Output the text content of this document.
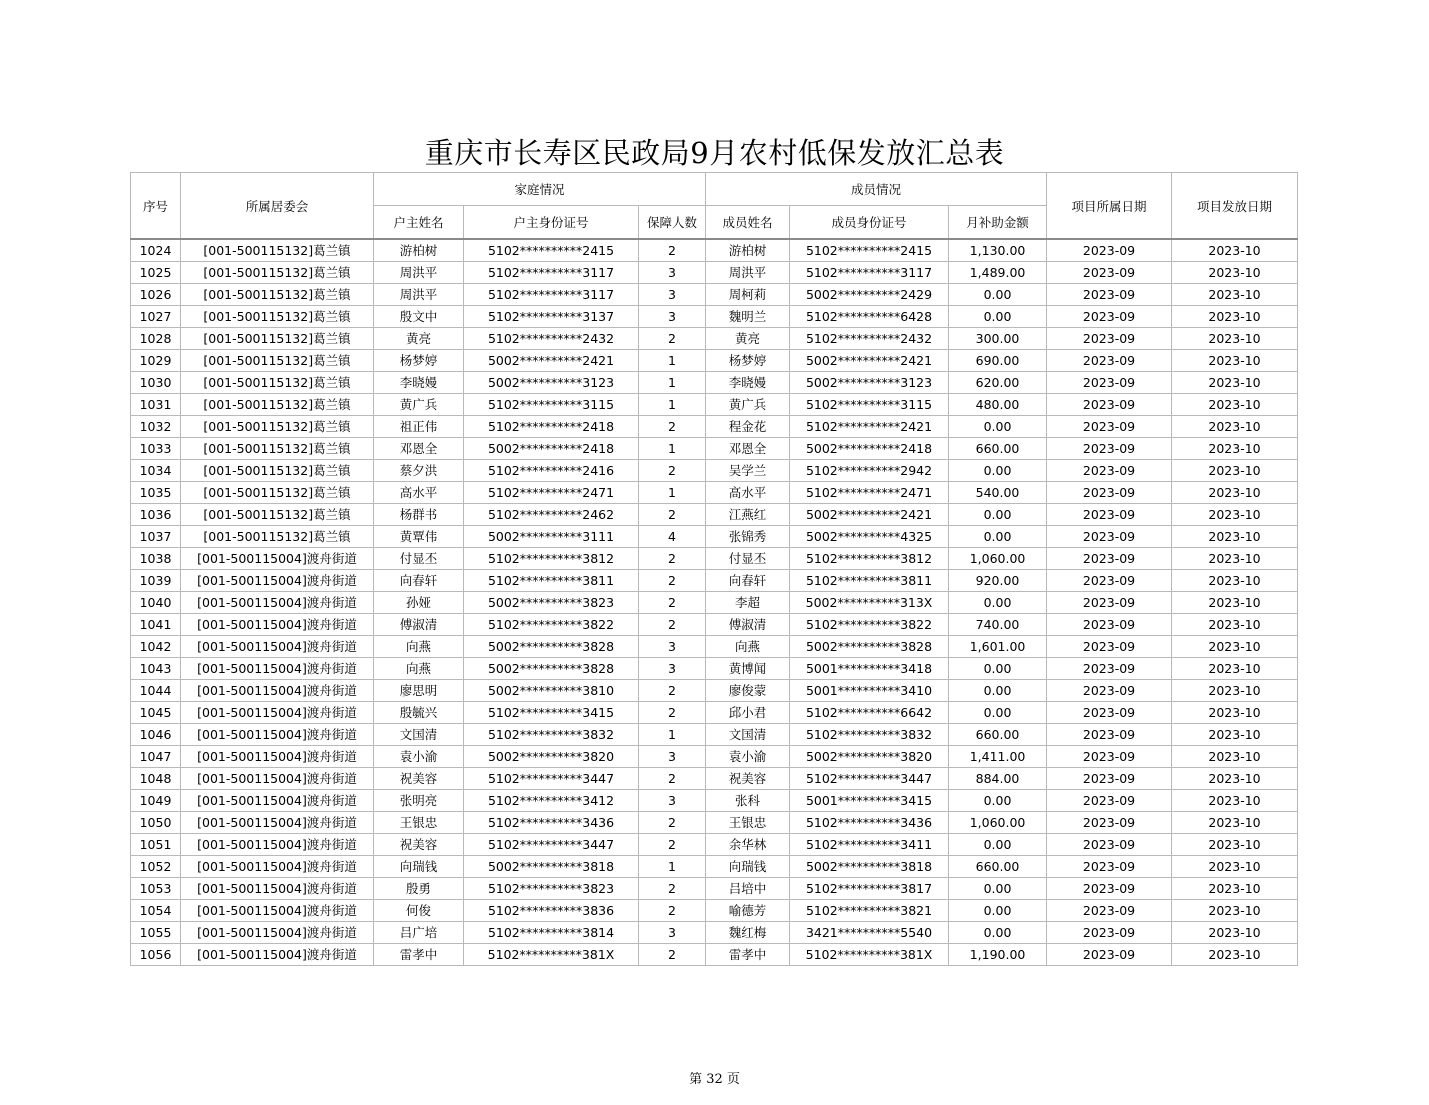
重庆市长寿区民政局9月农村低保发放汇总表
序号	所属居委会	家庭情况			成员情况			项目所属日期	项目发放日期
		户主姓名	户主身份证号	保障人数	成员姓名	成员身份证号	月补助金额		
1024	[001-500115132]葛兰镇	游柏树	5102**********2415	2	游柏树	5102**********2415	1,130.00	2023-09	2023-10
1025	[001-500115132]葛兰镇	周洪平	5102**********3117	3	周洪平	5102**********3117	1,489.00	2023-09	2023-10
1026	[001-500115132]葛兰镇	周洪平	5102**********3117	3	周柯莉	5002**********2429	0.00	2023-09	2023-10
1027	[001-500115132]葛兰镇	殷文中	5102**********3137	3	魏明兰	5102**********6428	0.00	2023-09	2023-10
1028	[001-500115132]葛兰镇	黄亮	5102**********2432	2	黄亮	5102**********2432	300.00	2023-09	2023-10
1029	[001-500115132]葛兰镇	杨梦婷	5002**********2421	1	杨梦婷	5002**********2421	690.00	2023-09	2023-10
1030	[001-500115132]葛兰镇	李晓嫚	5002**********3123	1	李晓嫚	5002**********3123	620.00	2023-09	2023-10
1031	[001-500115132]葛兰镇	黄广兵	5102**********3115	1	黄广兵	5102**********3115	480.00	2023-09	2023-10
1032	[001-500115132]葛兰镇	祖正伟	5102**********2418	2	程金花	5102**********2421	0.00	2023-09	2023-10
1033	[001-500115132]葛兰镇	邓恩全	5002**********2418	1	邓恩全	5002**********2418	660.00	2023-09	2023-10
1034	[001-500115132]葛兰镇	蔡夕洪	5102**********2416	2	吴学兰	5102**********2942	0.00	2023-09	2023-10
1035	[001-500115132]葛兰镇	高水平	5102**********2471	1	高水平	5102**********2471	540.00	2023-09	2023-10
1036	[001-500115132]葛兰镇	杨群书	5102**********2462	2	江燕红	5002**********2421	0.00	2023-09	2023-10
1037	[001-500115132]葛兰镇	黄覃伟	5002**********3111	4	张锦秀	5002**********4325	0.00	2023-09	2023-10
1038	[001-500115004]渡舟街道	付显丕	5102**********3812	2	付显丕	5102**********3812	1,060.00	2023-09	2023-10
1039	[001-500115004]渡舟街道	向春轩	5102**********3811	2	向春轩	5102**********3811	920.00	2023-09	2023-10
1040	[001-500115004]渡舟街道	孙娅	5002**********3823	2	李超	5002**********313X	0.00	2023-09	2023-10
1041	[001-500115004]渡舟街道	傅淑清	5102**********3822	2	傅淑清	5102**********3822	740.00	2023-09	2023-10
1042	[001-500115004]渡舟街道	向燕	5002**********3828	3	向燕	5002**********3828	1,601.00	2023-09	2023-10
1043	[001-500115004]渡舟街道	向燕	5002**********3828	3	黄博闻	5001**********3418	0.00	2023-09	2023-10
1044	[001-500115004]渡舟街道	廖思明	5002**********3810	2	廖俊蒙	5001**********3410	0.00	2023-09	2023-10
1045	[001-500115004]渡舟街道	殷毓兴	5102**********3415	2	邱小君	5102**********6642	0.00	2023-09	2023-10
1046	[001-500115004]渡舟街道	文国清	5102**********3832	1	文国清	5102**********3832	660.00	2023-09	2023-10
1047	[001-500115004]渡舟街道	袁小渝	5002**********3820	3	袁小渝	5002**********3820	1,411.00	2023-09	2023-10
1048	[001-500115004]渡舟街道	祝美容	5102**********3447	2	祝美容	5102**********3447	884.00	2023-09	2023-10
1049	[001-500115004]渡舟街道	张明亮	5102**********3412	3	张科	5001**********3415	0.00	2023-09	2023-10
1050	[001-500115004]渡舟街道	王银忠	5102**********3436	2	王银忠	5102**********3436	1,060.00	2023-09	2023-10
1051	[001-500115004]渡舟街道	祝美容	5102**********3447	2	余华林	5102**********3411	0.00	2023-09	2023-10
1052	[001-500115004]渡舟街道	向瑞钱	5002**********3818	1	向瑞钱	5002**********3818	660.00	2023-09	2023-10
1053	[001-500115004]渡舟街道	殷勇	5102**********3823	2	吕培中	5102**********3817	0.00	2023-09	2023-10
1054	[001-500115004]渡舟街道	何俊	5102**********3836	2	喻德芳	5102**********3821	0.00	2023-09	2023-10
1055	[001-500115004]渡舟街道	吕广培	5102**********3814	3	魏红梅	3421**********5540	0.00	2023-09	2023-10
1056	[001-500115004]渡舟街道	雷孝中	5102**********381X	2	雷孝中	5102**********381X	1,190.00	2023-09	2023-10
第 32 页
